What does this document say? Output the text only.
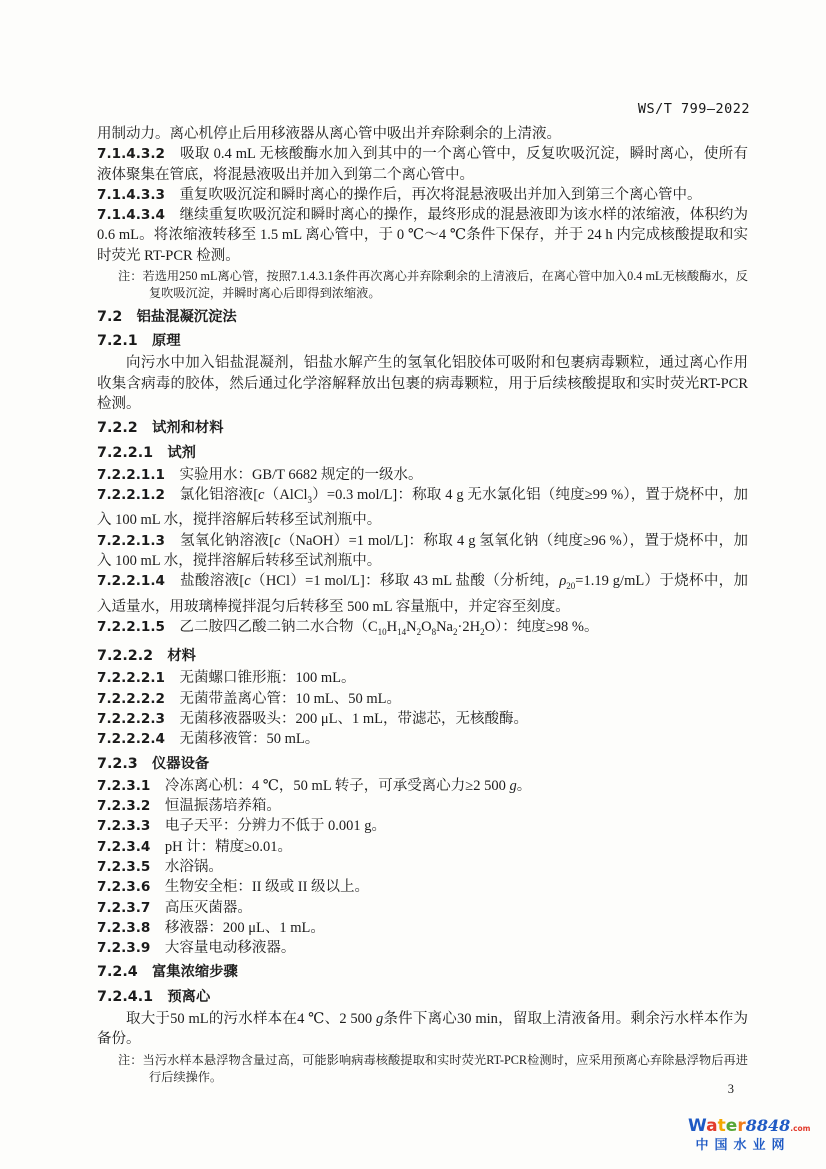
WS/T 799—2022

用制动力。离心机停止后用移液器从离心管中吸出并弃除剩余的上清液。

7.1.4.3.2　吸取 0.4 mL 无核酸酶水加入到其中的一个离心管中，反复吹吸沉淀，瞬时离心，使所有液体聚集在管底，将混悬液吸出并加入到第二个离心管中。

7.1.4.3.3　重复吹吸沉淀和瞬时离心的操作后，再次将混悬液吸出并加入到第三个离心管中。

7.1.4.3.4　继续重复吹吸沉淀和瞬时离心的操作，最终形成的混悬液即为该水样的浓缩液，体积约为 0.6 mL。将浓缩液转移至 1.5 mL 离心管中，于 0 ℃～4 ℃条件下保存，并于 24 h 内完成核酸提取和实时荧光 RT-PCR 检测。

注：若选用250 mL离心管，按照7.1.4.3.1条件再次离心并弃除剩余的上清液后，在离心管中加入0.4 mL无核酸酶水，反复吹吸沉淀，并瞬时离心后即得到浓缩液。

7.2　铝盐混凝沉淀法

7.2.1　原理

向污水中加入铝盐混凝剂，铝盐水解产生的氢氧化铝胶体可吸附和包裹病毒颗粒，通过离心作用收集含病毒的胶体，然后通过化学溶解释放出包裹的病毒颗粒，用于后续核酸提取和实时荧光RT-PCR检测。

7.2.2　试剂和材料

7.2.2.1　试剂

7.2.2.1.1　实验用水：GB/T 6682 规定的一级水。

7.2.2.1.2　氯化铝溶液[c（AlCl$_3$）=0.3 mol/L]：称取 4 g 无水氯化铝（纯度≥99 %），置于烧杯中，加入 100 mL 水，搅拌溶解后转移至试剂瓶中。

7.2.2.1.3　氢氧化钠溶液[c（NaOH）=1 mol/L]：称取 4 g 氢氧化钠（纯度≥96 %），置于烧杯中，加入 100 mL 水，搅拌溶解后转移至试剂瓶中。

7.2.2.1.4　盐酸溶液[c（HCl）=1 mol/L]：移取 43 mL 盐酸（分析纯，$\rho_{20}=1.19$ g/mL）于烧杯中，加入适量水，用玻璃棒搅拌混匀后转移至 500 mL 容量瓶中，并定容至刻度。

7.2.2.1.5　乙二胺四乙酸二钠二水合物$(C_{10}H_{14}N_2O_8Na_2\cdot 2H_2O)$：纯度≥98 %。

7.2.2.2　材料

7.2.2.2.1　无菌螺口锥形瓶：100 mL。

7.2.2.2.2　无菌带盖离心管：10 mL、50 mL。

7.2.2.2.3　无菌移液器吸头：200 μL、1 mL，带滤芯，无核酸酶。

7.2.2.2.4　无菌移液管：50 mL。

7.2.3　仪器设备

7.2.3.1　冷冻离心机：4 ℃，50 mL 转子，可承受离心力≥2 500 g。

7.2.3.2　恒温振荡培养箱。

7.2.3.3　电子天平：分辨力不低于 0.001 g。

7.2.3.4　pH 计：精度≥0.01。

7.2.3.5　水浴锅。

7.2.3.6　生物安全柜：II 级或 II 级以上。

7.2.3.7　高压灭菌器。

7.2.3.8　移液器：200 μL、1 mL。

7.2.3.9　大容量电动移液器。

7.2.4　富集浓缩步骤

7.2.4.1　预离心

取大于50 mL的污水样本在4 ℃、2 500 g条件下离心30 min，留取上清液备用。剩余污水样本作为备份。

注：当污水样本悬浮物含量过高，可能影响病毒核酸提取和实时荧光RT-PCR检测时，应采用预离心弃除悬浮物后再进行后续操作。

3
Water8848.com
中国水业网
